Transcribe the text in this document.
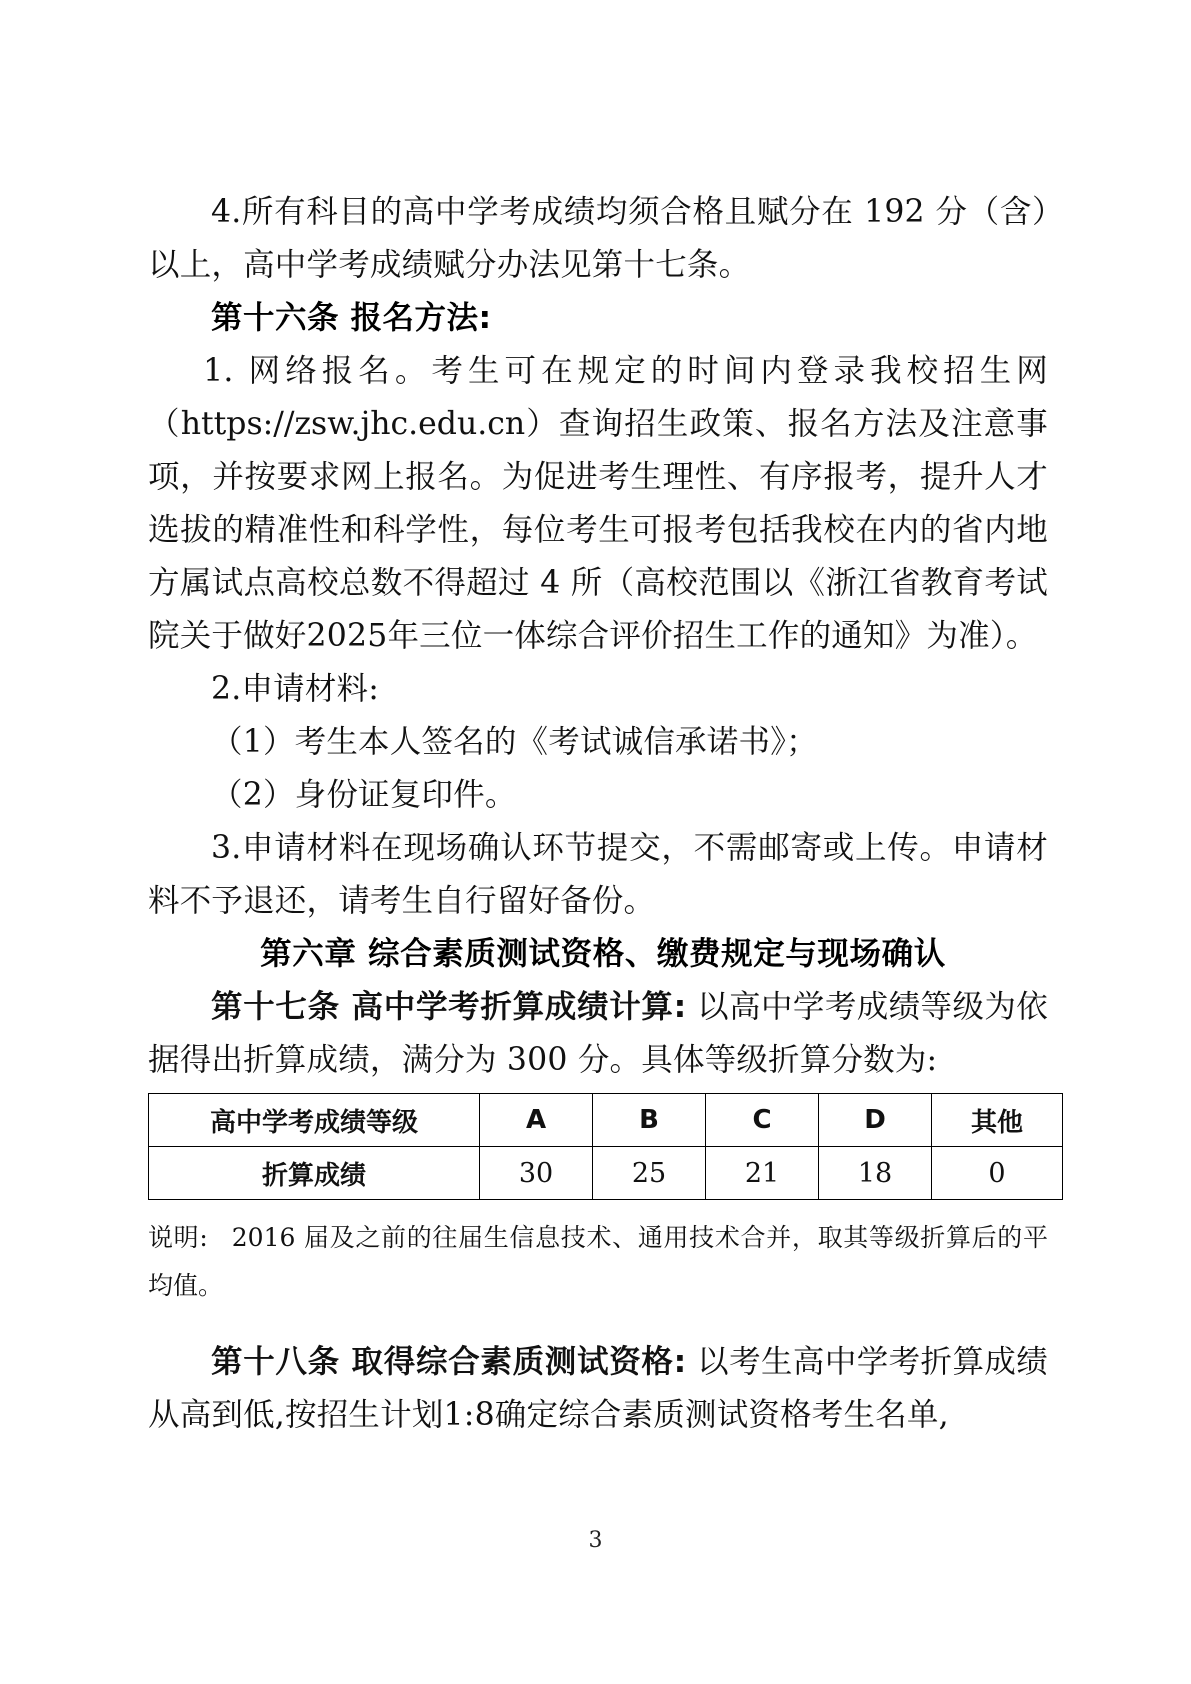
4.所有科目的高中学考成绩均须合格且赋分在 192 分（含）以上，高中学考成绩赋分办法见第十七条。

第十六条 报名方法:

1. 网络报名。考生可在规定的时间内登录我校招生网（https://zsw.jhc.edu.cn）查询招生政策、报名方法及注意事项，并按要求网上报名。为促进考生理性、有序报考，提升人才选拔的精准性和科学性，每位考生可报考包括我校在内的省内地方属试点高校总数不得超过 4 所（高校范围以《浙江省教育考试院关于做好2025年三位一体综合评价招生工作的通知》为准）。

2.申请材料:

（1）考生本人签名的《考试诚信承诺书》；

（2）身份证复印件。

3.申请材料在现场确认环节提交，不需邮寄或上传。申请材料不予退还，请考生自行留好备份。

第六章 综合素质测试资格、缴费规定与现场确认

第十七条 高中学考折算成绩计算: 以高中学考成绩等级为依据得出折算成绩，满分为 300 分。具体等级折算分数为:

高中学考成绩等级	A	B	C	D	其他
折算成绩	30	25	21	18	0

说明: 2016 届及之前的往届生信息技术、通用技术合并，取其等级折算后的平均值。

第十八条 取得综合素质测试资格: 以考生高中学考折算成绩从高到低,按招生计划1:8确定综合素质测试资格考生名单,

3
